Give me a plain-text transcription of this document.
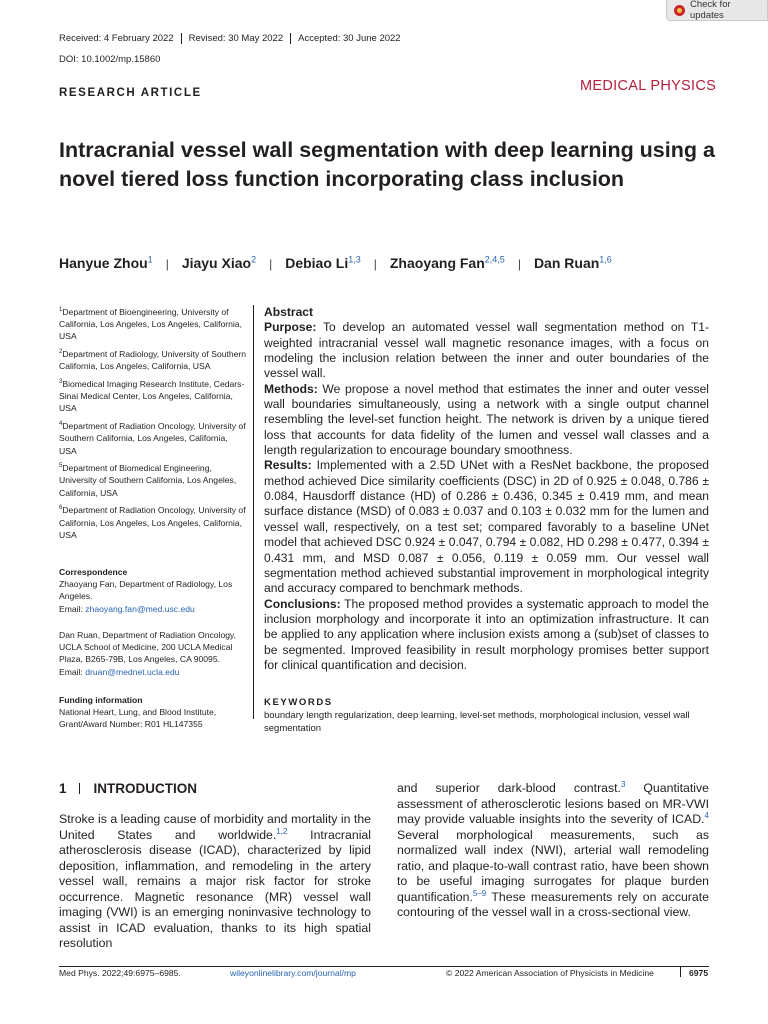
Check for updates
Received: 4 February 2022	Revised: 30 May 2022	Accepted: 30 June 2022
DOI: 10.1002/mp.15860
RESEARCH ARTICLE	MEDICAL PHYSICS
Intracranial vessel wall segmentation with deep learning using a novel tiered loss function incorporating class inclusion
Hanyue Zhou$^1$ | Jiayu Xiao$^2$ | Debiao Li$^{1,3}$ | Zhaoyang Fan$^{2,4,5}$ | Dan Ruan$^{1,6}$
$^1$Department of Bioengineering, University of California, Los Angeles, Los Angeles, California, USA
$^2$Department of Radiology, University of Southern California, Los Angeles, California, USA
$^3$Biomedical Imaging Research Institute, Cedars-Sinai Medical Center, Los Angeles, California, USA
$^4$Department of Radiation Oncology, University of Southern California, Los Angeles, California, USA
$^5$Department of Biomedical Engineering, University of Southern California, Los Angeles, California, USA
$^6$Department of Radiation Oncology, University of California, Los Angeles, Los Angeles, California, USA
Correspondence
Zhaoyang Fan, Department of Radiology, Los Angeles.
Email: zhaoyang.fan@med.usc.edu
Dan Ruan, Department of Radiation Oncology, UCLA School of Medicine, 200 UCLA Medical Plaza, B265-79B, Los Angeles, CA 90095.
Email: druan@mednet.ucla.edu
Funding information
National Heart, Lung, and Blood Institute, Grant/Award Number: R01 HL147355

Abstract

Purpose: To develop an automated vessel wall segmentation method on T1-weighted intracranial vessel wall magnetic resonance images, with a focus on modeling the inclusion relation between the inner and outer boundaries of the vessel wall.

Methods: We propose a novel method that estimates the inner and outer vessel wall boundaries simultaneously, using a network with a single output channel resembling the level-set function height. The network is driven by a unique tiered loss that accounts for data fidelity of the lumen and vessel wall classes and a length regularization to encourage boundary smoothness.

Results: Implemented with a 2.5D UNet with a ResNet backbone, the proposed method achieved Dice similarity coefficients (DSC) in 2D of 0.925 ± 0.048, 0.786 ± 0.084, Hausdorff distance (HD) of 0.286 ± 0.436, 0.345 ± 0.419 mm, and mean surface distance (MSD) of 0.083 ± 0.037 and 0.103 ± 0.032 mm for the lumen and vessel wall, respectively, on a test set; compared favorably to a baseline UNet model that achieved DSC 0.924 ± 0.047, 0.794 ± 0.082, HD 0.298 ± 0.477, 0.394 ± 0.431 mm, and MSD 0.087 ± 0.056, 0.119 ± 0.059 mm. Our vessel wall segmentation method achieved substantial improvement in morphological integrity and accuracy compared to benchmark methods.

Conclusions: The proposed method provides a systematic approach to model the inclusion morphology and incorporate it into an optimization infrastructure. It can be applied to any application where inclusion exists among a (sub)set of classes to be segmented. Improved feasibility in result morphology promises better support for clinical quantification and decision.

KEYWORDS
boundary length regularization, deep learning, level-set methods, morphological inclusion, vessel wall segmentation
1 INTRODUCTION

Stroke is a leading cause of morbidity and mortality in the United States and worldwide.$^{1,2}$ Intracranial atherosclerosis disease (ICAD), characterized by lipid deposition, inflammation, and remodeling in the artery vessel wall, remains a major risk factor for stroke occurrence. Magnetic resonance (MR) vessel wall imaging (VWI) is an emerging noninvasive technology to assist in ICAD evaluation, thanks to its high spatial resolution

and superior dark-blood contrast.$^3$ Quantitative assessment of atherosclerotic lesions based on MR-VWI may provide valuable insights into the severity of ICAD.$^4$ Several morphological measurements, such as normalized wall index (NWI), arterial wall remodeling ratio, and plaque-to-wall contrast ratio, have been shown to be useful imaging surrogates for plaque burden quantification.$^{5-9}$ These measurements rely on accurate contouring of the vessel wall in a cross-sectional view.

Med Phys. 2022;49:6975–6985.	wileyonlinelibrary.com/journal/mp	© 2022 American Association of Physicists in Medicine	6975
